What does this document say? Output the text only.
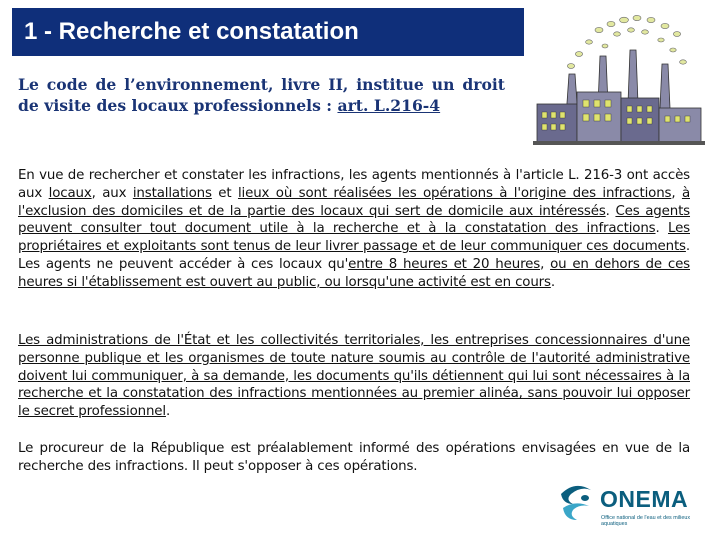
1 - Recherche et constatation
Le code de l’environnement, livre II, institue un droit de visite des locaux professionnels : art. L.216-4
En vue de rechercher et constater les infractions, les agents mentionnés à l'article L. 216-3 ont accès aux locaux, aux installations et lieux où sont réalisées les opérations à l'origine des infractions, à l'exclusion des domiciles et de la partie des locaux qui sert de domicile aux intéressés. Ces agents peuvent consulter tout document utile à la recherche et à la constatation des infractions. Les propriétaires et exploitants sont tenus de leur livrer passage et de leur communiquer ces documents. Les agents ne peuvent accéder à ces locaux qu'entre 8 heures et 20 heures, ou en dehors de ces heures si l'établissement est ouvert au public, ou lorsqu'une activité est en cours.
Les administrations de l'État et les collectivités territoriales, les entreprises concessionnaires d'une personne publique et les organismes de toute nature soumis au contrôle de l'autorité administrative doivent lui communiquer, à sa demande, les documents qu'ils détiennent qui lui sont nécessaires à la recherche et la constatation des infractions mentionnées au premier alinéa, sans pouvoir lui opposer le secret professionnel.
Le procureur de la République est préalablement informé des opérations envisagées en vue de la recherche des infractions. Il peut s'opposer à ces opérations.
ONEMA
Office national de l'eau et des milieux aquatiques
